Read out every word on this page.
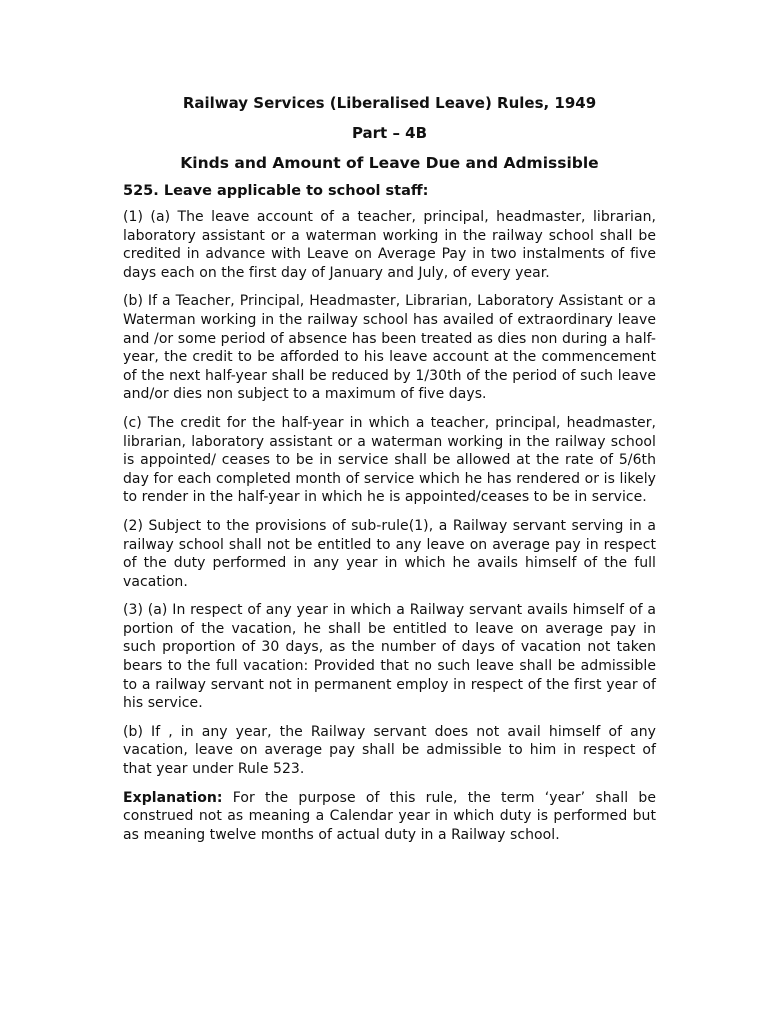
Railway Services (Liberalised Leave) Rules, 1949
Part – 4B
Kinds and Amount of Leave Due and Admissible
525. Leave applicable to school staff:

(1) (a) The leave account of a teacher, principal, headmaster, librarian, laboratory assistant or a waterman working in the railway school shall be credited in advance with Leave on Average Pay in two instalments of five days each on the first day of January and July, of every year.

(b) If a Teacher, Principal, Headmaster, Librarian, Laboratory Assistant or a Waterman working in the railway school has availed of extraordinary leave and /or some period of absence has been treated as dies non during a half-year, the credit to be afforded to his leave account at the commencement of the next half-year shall be reduced by 1/30th of the period of such leave and/or dies non subject to a maximum of five days.

(c) The credit for the half-year in which a teacher, principal, headmaster, librarian, laboratory assistant or a waterman working in the railway school is appointed/ ceases to be in service shall be allowed at the rate of 5/6th day for each completed month of service which he has rendered or is likely to render in the half-year in which he is appointed/ceases to be in service.

(2) Subject to the provisions of sub-rule(1), a Railway servant serving in a railway school shall not be entitled to any leave on average pay in respect of the duty performed in any year in which he avails himself of the full vacation.

(3) (a) In respect of any year in which a Railway servant avails himself of a portion of the vacation, he shall be entitled to leave on average pay in such proportion of 30 days, as the number of days of vacation not taken bears to the full vacation: Provided that no such leave shall be admissible to a railway servant not in permanent employ in respect of the first year of his service.

(b) If , in any year, the Railway servant does not avail himself of any vacation, leave on average pay shall be admissible to him in respect of that year under Rule 523.

Explanation: For the purpose of this rule, the term ‘year’ shall be construed not as meaning a Calendar year in which duty is performed but as meaning twelve months of actual duty in a Railway school.
